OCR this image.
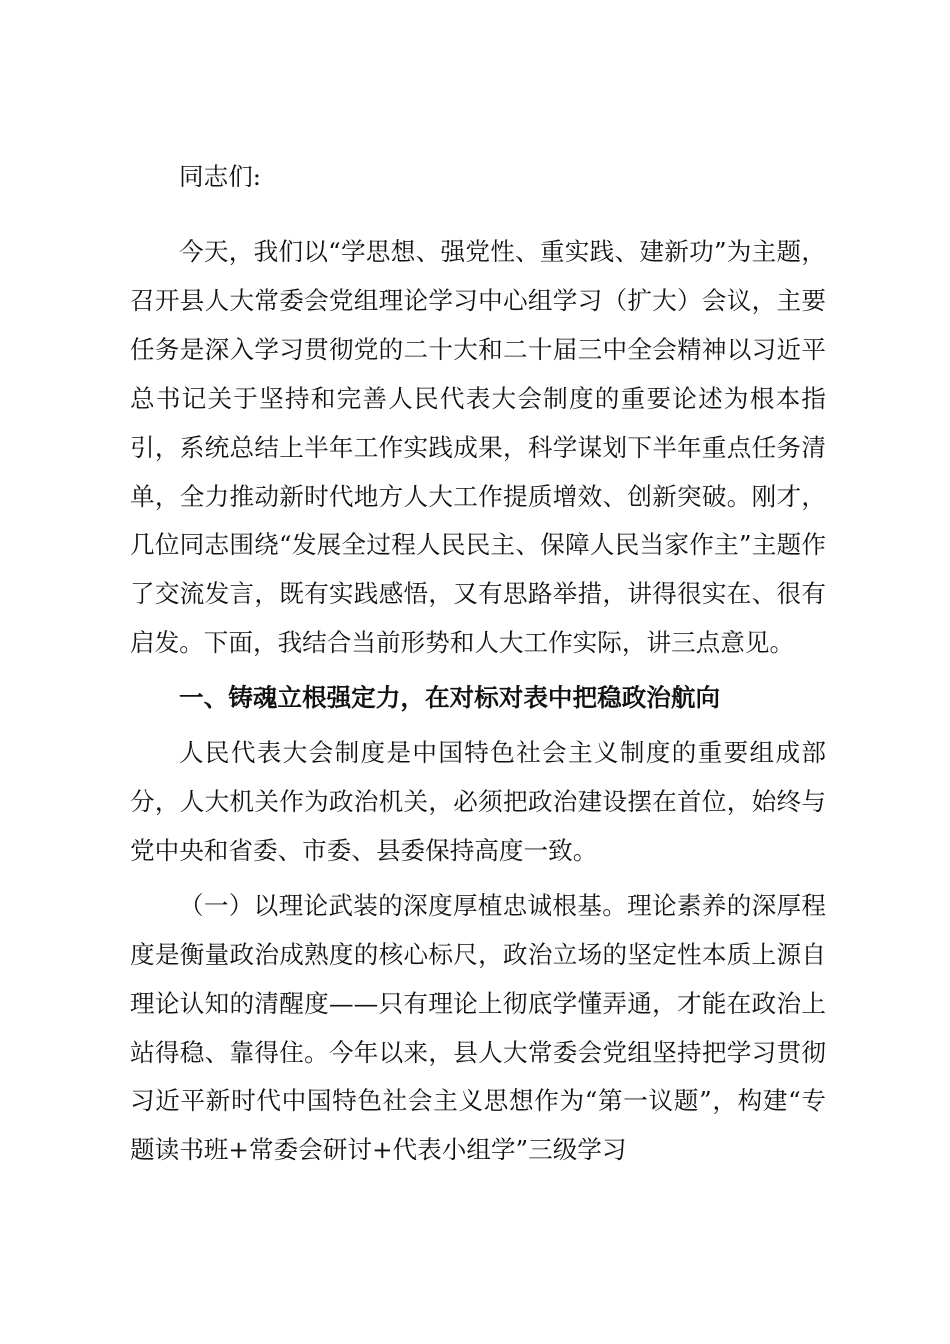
同志们:

今天，我们以“学思想、强党性、重实践、建新功”为主题，召开县人大常委会党组理论学习中心组学习（扩大）会议，主要任务是深入学习贯彻党的二十大和二十届三中全会精神以习近平总书记关于坚持和完善人民代表大会制度的重要论述为根本指引，系统总结上半年工作实践成果，科学谋划下半年重点任务清单，全力推动新时代地方人大工作提质增效、创新突破。刚才，几位同志围绕“发展全过程人民民主、保障人民当家作主”主题作了交流发言，既有实践感悟，又有思路举措，讲得很实在、很有启发。下面，我结合当前形势和人大工作实际，讲三点意见。

一、铸魂立根强定力，在对标对表中把稳政治航向

人民代表大会制度是中国特色社会主义制度的重要组成部分，人大机关作为政治机关，必须把政治建设摆在首位，始终与党中央和省委、市委、县委保持高度一致。

（一）以理论武装的深度厚植忠诚根基。理论素养的深厚程度是衡量政治成熟度的核心标尺，政治立场的坚定性本质上源自理论认知的清醒度——只有理论上彻底学懂弄通，才能在政治上站得稳、靠得住。今年以来，县人大常委会党组坚持把学习贯彻习近平新时代中国特色社会主义思想作为“第一议题”，构建“专题读书班+常委会研讨+代表小组学”三级学习
